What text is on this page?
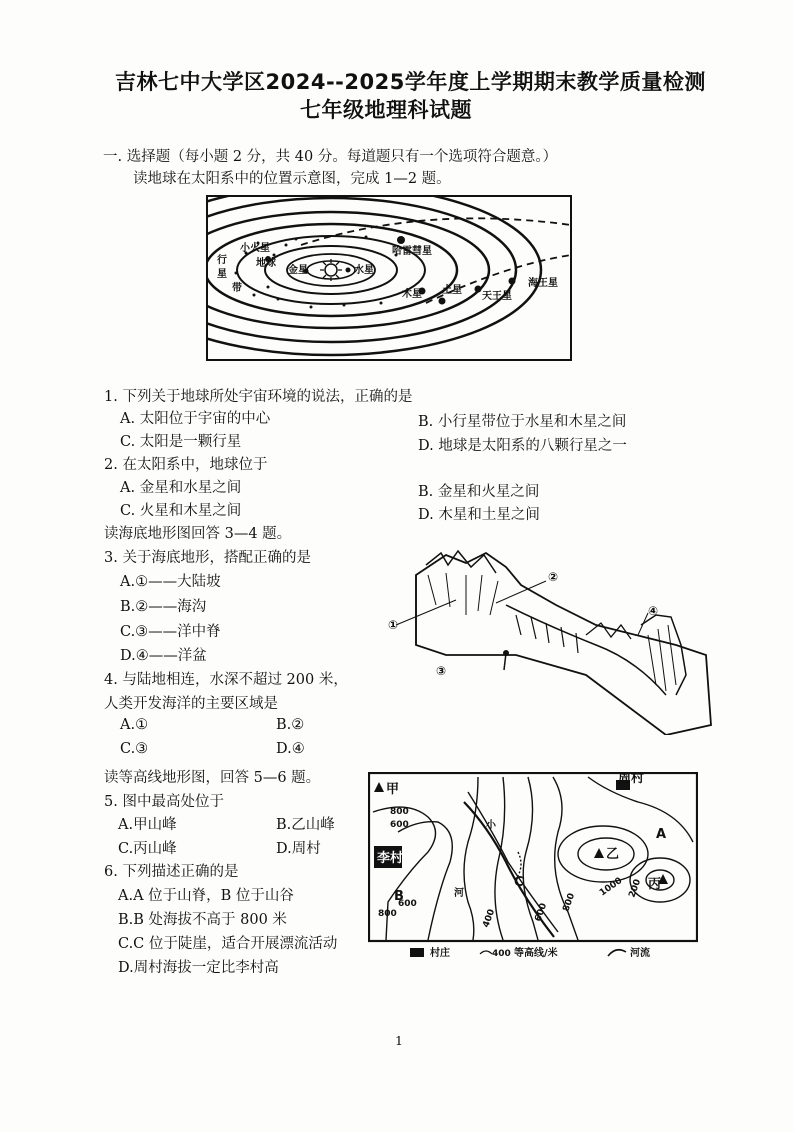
吉林七中大学区2024--2025学年度上学期期末教学质量检测
七年级地理科试题
一. 选择题（每小题 2 分，共 40 分。每道题只有一个选项符合题意。）
读地球在太阳系中的位置示意图，完成 1—2 题。
小火星
行
星
带
地球
金星	水星
哈雷彗星
木星 土星
天王星
海王星
1. 下列关于地球所处宇宙环境的说法，正确的是
A. 太阳位于宇宙的中心	B. 小行星带位于水星和木星之间
C. 太阳是一颗行星	D. 地球是太阳系的八颗行星之一
2. 在太阳系中，地球位于
A. 金星和水星之间	B. 金星和火星之间
C. 火星和木星之间	D. 木星和土星之间
读海底地形图回答 3—4 题。
3. 关于海底地形，搭配正确的是
A.①——大陆坡
B.②——海沟
C.③——洋中脊
D.④——洋盆
4. 与陆地相连，水深不超过 200 米，
人类开发海洋的主要区域是
A.①	B.②
C.③	D.④
①
②
③
④
读等高线地形图，回答 5—6 题。
5. 图中最高处位于
A.甲山峰	B.乙山峰
C.丙山峰	D.周村
6. 下列描述正确的是
A.A 位于山脊，B 位于山谷
B.B 处海拔不高于 800 米
C.C 位于陡崖，适合开展漂流活动
D.周村海拔一定比李村高
甲
周村
李村	乙
丙
A
B
C
小
河
800
600
800
600
400	600 800
1000 200
村庄	400 等高线/米	河流
1
